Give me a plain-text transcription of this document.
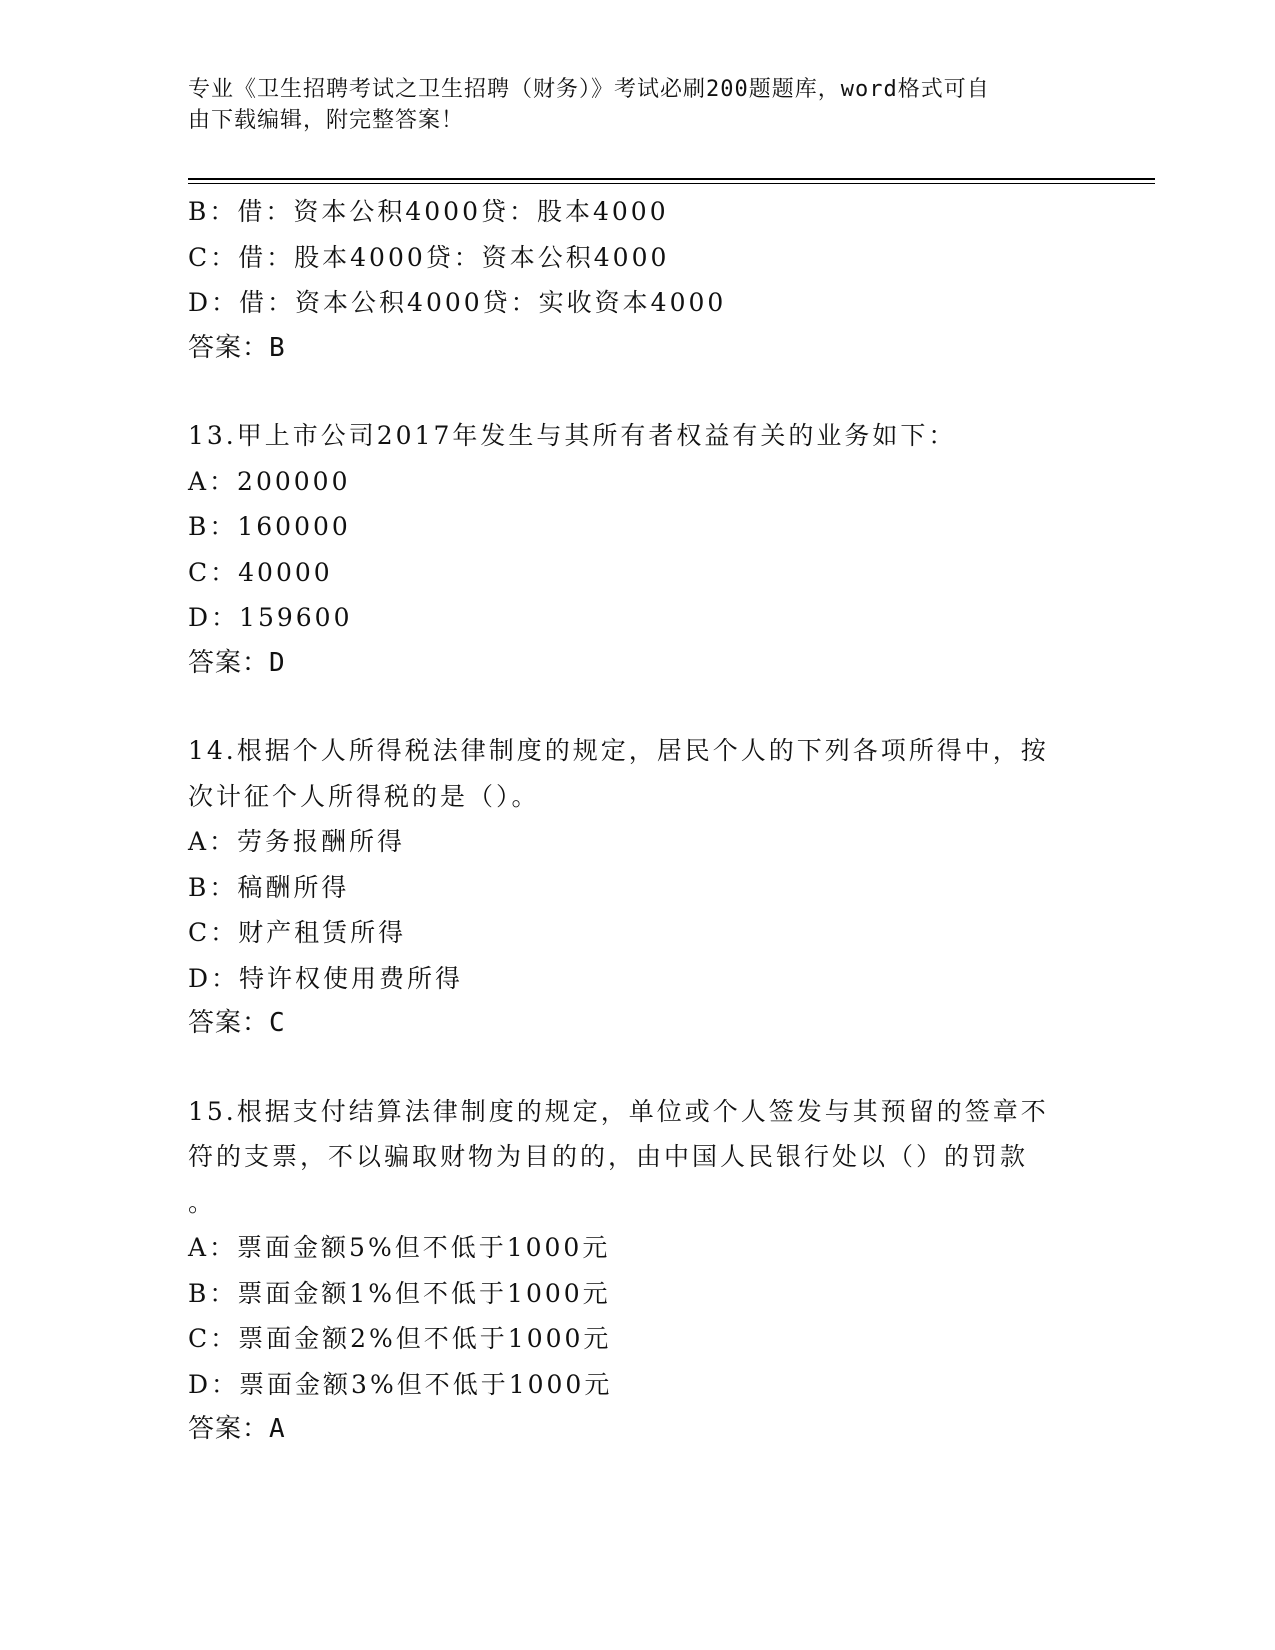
专业《卫生招聘考试之卫生招聘（财务）》考试必刷200题题库，word格式可自
由下载编辑，附完整答案！
B：借：资本公积4000贷：股本4000
C：借：股本4000贷：资本公积4000
D：借：资本公积4000贷：实收资本4000
答案：B
13.甲上市公司2017年发生与其所有者权益有关的业务如下：
A：200000
B：160000
C：40000
D：159600
答案：D
14.根据个人所得税法律制度的规定，居民个人的下列各项所得中，按
次计征个人所得税的是（）。
A：劳务报酬所得
B：稿酬所得
C：财产租赁所得
D：特许权使用费所得
答案：C
15.根据支付结算法律制度的规定，单位或个人签发与其预留的签章不
符的支票，不以骗取财物为目的的，由中国人民银行处以（）的罚款
。
A：票面金额5%但不低于1000元
B：票面金额1%但不低于1000元
C：票面金额2%但不低于1000元
D：票面金额3%但不低于1000元
答案：A
